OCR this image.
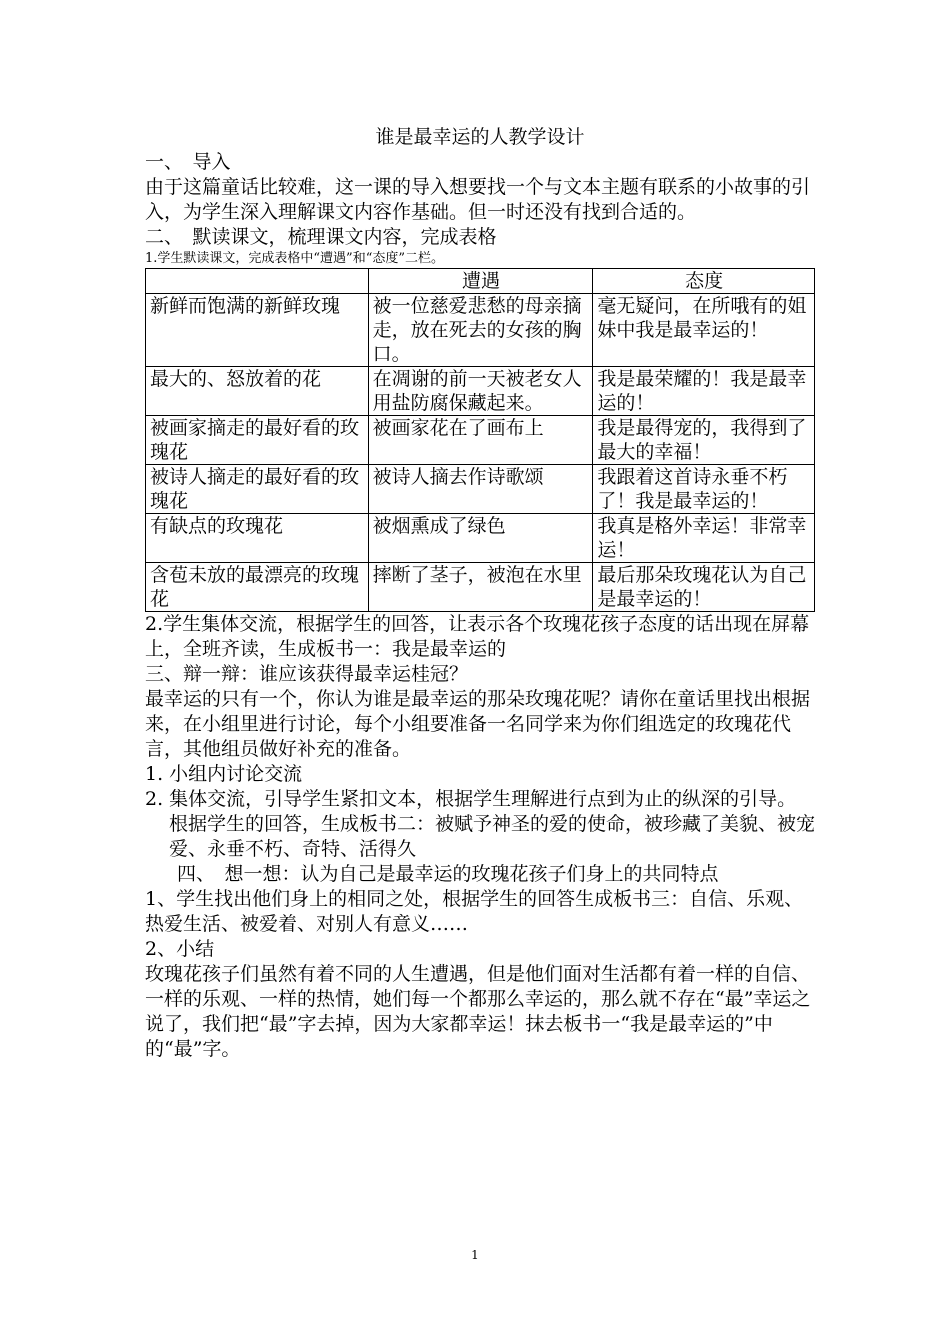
谁是最幸运的人教学设计

一、　导入

由于这篇童话比较难，这一课的导入想要找一个与文本主题有联系的小故事的引入，为学生深入理解课文内容作基础。但一时还没有找到合适的。

二、　默读课文，梳理课文内容，完成表格

1.学生默读课文，完成表格中“遭遇”和“态度”二栏。

	遭遇	态度
新鲜而饱满的新鲜玫瑰	被一位慈爱悲愁的母亲摘走，放在死去的女孩的胸口。	毫无疑问，在所哦有的姐妹中我是最幸运的！
最大的、怒放着的花	在凋谢的前一天被老女人用盐防腐保藏起来。	我是最荣耀的！我是最幸运的！
被画家摘走的最好看的玫瑰花	被画家花在了画布上	我是最得宠的，我得到了最大的幸福！
被诗人摘走的最好看的玫瑰花	被诗人摘去作诗歌颂	我跟着这首诗永垂不朽了！我是最幸运的！
有缺点的玫瑰花	被烟熏成了绿色	我真是格外幸运！非常幸运！
含苞未放的最漂亮的玫瑰花	摔断了茎子，被泡在水里	最后那朵玫瑰花认为自己是最幸运的！

2.学生集体交流，根据学生的回答，让表示各个玫瑰花孩子态度的话出现在屏幕上，全班齐读，生成板书一：我是最幸运的

三、辩一辩：谁应该获得最幸运桂冠？

最幸运的只有一个，你认为谁是最幸运的那朵玫瑰花呢？请你在童话里找出根据来，在小组里进行讨论，每个小组要准备一名同学来为你们组选定的玫瑰花代言，其他组员做好补充的准备。

1. 小组内讨论交流

2. 集体交流，引导学生紧扣文本，根据学生理解进行点到为止的纵深的引导。根据学生的回答，生成板书二：被赋予神圣的爱的使命，被珍藏了美貌、被宠爱、永垂不朽、奇特、活得久

四、　想一想：认为自己是最幸运的玫瑰花孩子们身上的共同特点

1、学生找出他们身上的相同之处，根据学生的回答生成板书三：自信、乐观、热爱生活、被爱着、对别人有意义……

2、小结

玫瑰花孩子们虽然有着不同的人生遭遇，但是他们面对生活都有着一样的自信、一样的乐观、一样的热情，她们每一个都那么幸运的，那么就不存在“最”幸运之说了，我们把“最”字去掉，因为大家都幸运！抹去板书一“我是最幸运的”中的“最”字。

1
